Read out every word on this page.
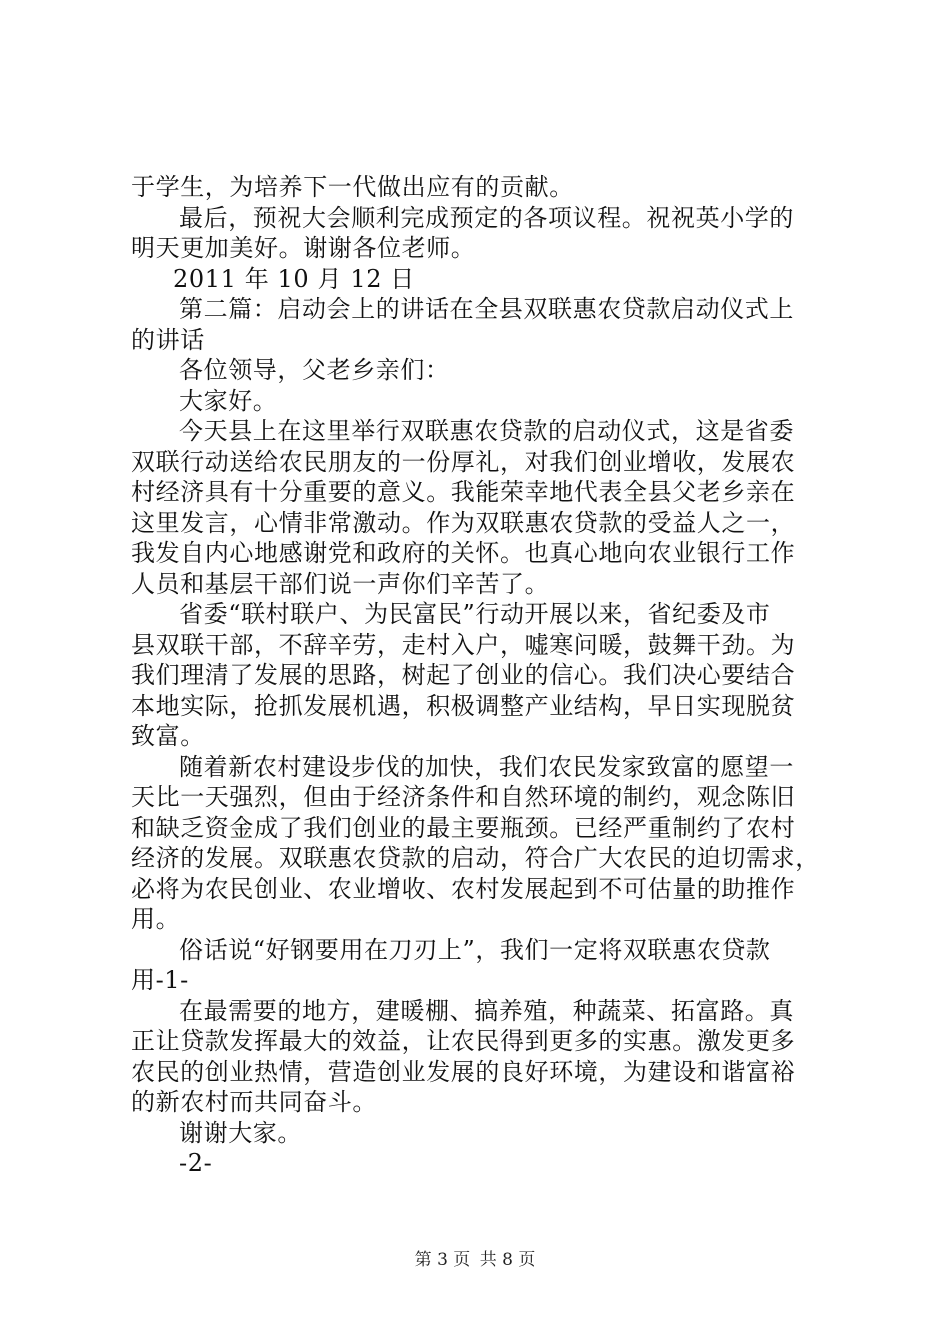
于学生，为培养下一代做出应有的贡献。
最后，预祝大会顺利完成预定的各项议程。祝祝英小学的
明天更加美好。谢谢各位老师。
2011 年 10 月 12 日
第二篇：启动会上的讲话在全县双联惠农贷款启动仪式上
的讲话
各位领导，父老乡亲们：
大家好。
今天县上在这里举行双联惠农贷款的启动仪式，这是省委
双联行动送给农民朋友的一份厚礼，对我们创业增收，发展农
村经济具有十分重要的意义。我能荣幸地代表全县父老乡亲在
这里发言，心情非常激动。作为双联惠农贷款的受益人之一，
我发自内心地感谢党和政府的关怀。也真心地向农业银行工作
人员和基层干部们说一声你们辛苦了。
省委“联村联户、为民富民”行动开展以来，省纪委及市
县双联干部，不辞辛劳，走村入户，嘘寒问暖，鼓舞干劲。为
我们理清了发展的思路，树起了创业的信心。我们决心要结合
本地实际，抢抓发展机遇，积极调整产业结构，早日实现脱贫
致富。
随着新农村建设步伐的加快，我们农民发家致富的愿望一
天比一天强烈，但由于经济条件和自然环境的制约，观念陈旧
和缺乏资金成了我们创业的最主要瓶颈。已经严重制约了农村
经济的发展。双联惠农贷款的启动，符合广大农民的迫切需求，
必将为农民创业、农业增收、农村发展起到不可估量的助推作
用。
俗话说“好钢要用在刀刃上”，我们一定将双联惠农贷款
用-1-
在最需要的地方，建暖棚、搞养殖，种蔬菜、拓富路。真
正让贷款发挥最大的效益，让农民得到更多的实惠。激发更多
农民的创业热情，营造创业发展的良好环境，为建设和谐富裕
的新农村而共同奋斗。
谢谢大家。
-2-
第 3 页 共 8 页
